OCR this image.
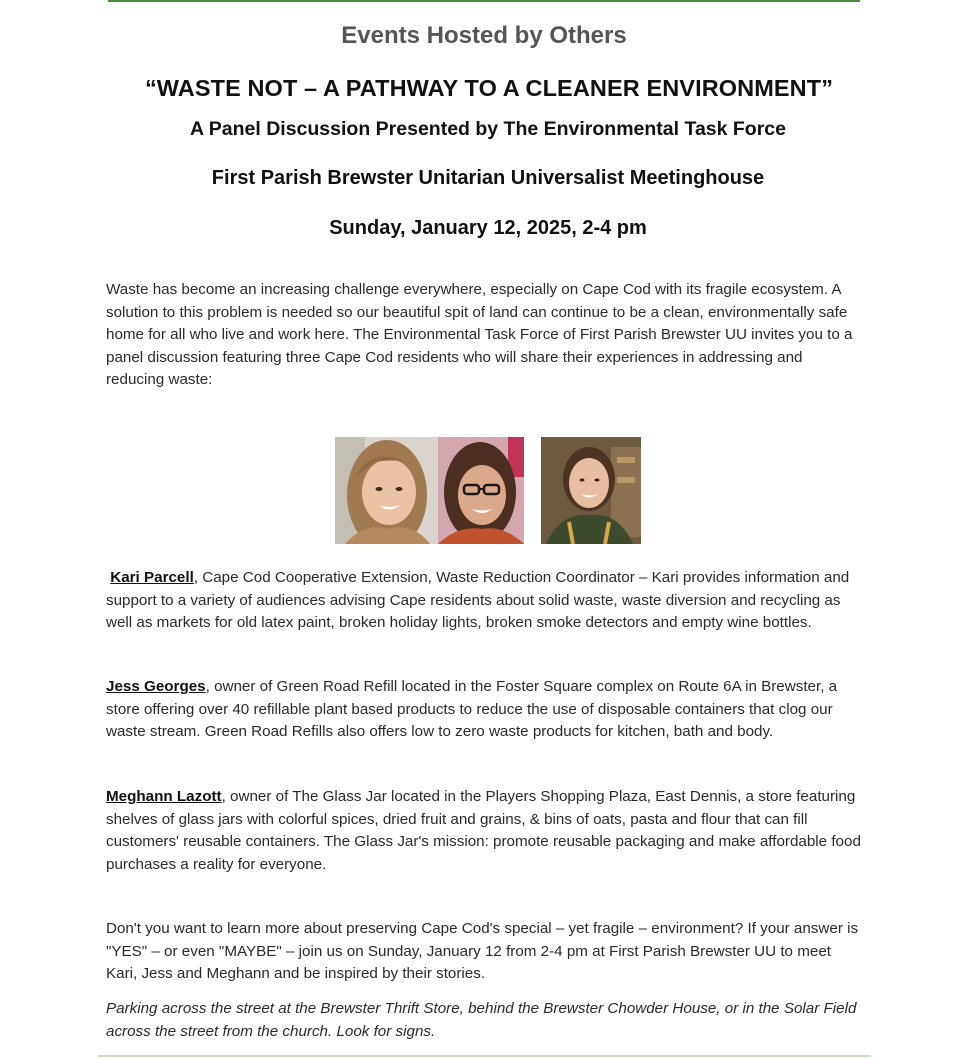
Events Hosted by Others
“WASTE NOT – A PATHWAY TO A CLEANER ENVIRONMENT”
A Panel Discussion Presented by The Environmental Task Force
First Parish Brewster Unitarian Universalist Meetinghouse
Sunday, January 12, 2025, 2-4 pm

Waste has become an increasing challenge everywhere, especially on Cape Cod with its fragile ecosystem. A solution to this problem is needed so our beautiful spit of land can continue to be a clean, environmentally safe home for all who live and work here. The Environmental Task Force of First Parish Brewster UU invites you to a panel discussion featuring three Cape Cod residents who will share their experiences in addressing and reducing waste:

Kari Parcell, Cape Cod Cooperative Extension, Waste Reduction Coordinator – Kari provides information and support to a variety of audiences advising Cape residents about solid waste, waste diversion and recycling as well as markets for old latex paint, broken holiday lights, broken smoke detectors and empty wine bottles.

Jess Georges, owner of Green Road Refill located in the Foster Square complex on Route 6A in Brewster, a store offering over 40 refillable plant based products to reduce the use of disposable containers that clog our waste stream. Green Road Refills also offers low to zero waste products for kitchen, bath and body.

Meghann Lazott, owner of The Glass Jar located in the Players Shopping Plaza, East Dennis, a store featuring shelves of glass jars with colorful spices, dried fruit and grains, & bins of oats, pasta and flour that can fill customers' reusable containers. The Glass Jar's mission: promote reusable packaging and make affordable food purchases a reality for everyone.

Don't you want to learn more about preserving Cape Cod's special – yet fragile – environment? If your answer is "YES" – or even "MAYBE" – join us on Sunday, January 12 from 2-4 pm at First Parish Brewster UU to meet Kari, Jess and Meghann and be inspired by their stories.

Parking across the street at the Brewster Thrift Store, behind the Brewster Chowder House, or in the Solar Field across the street from the church. Look for signs.
